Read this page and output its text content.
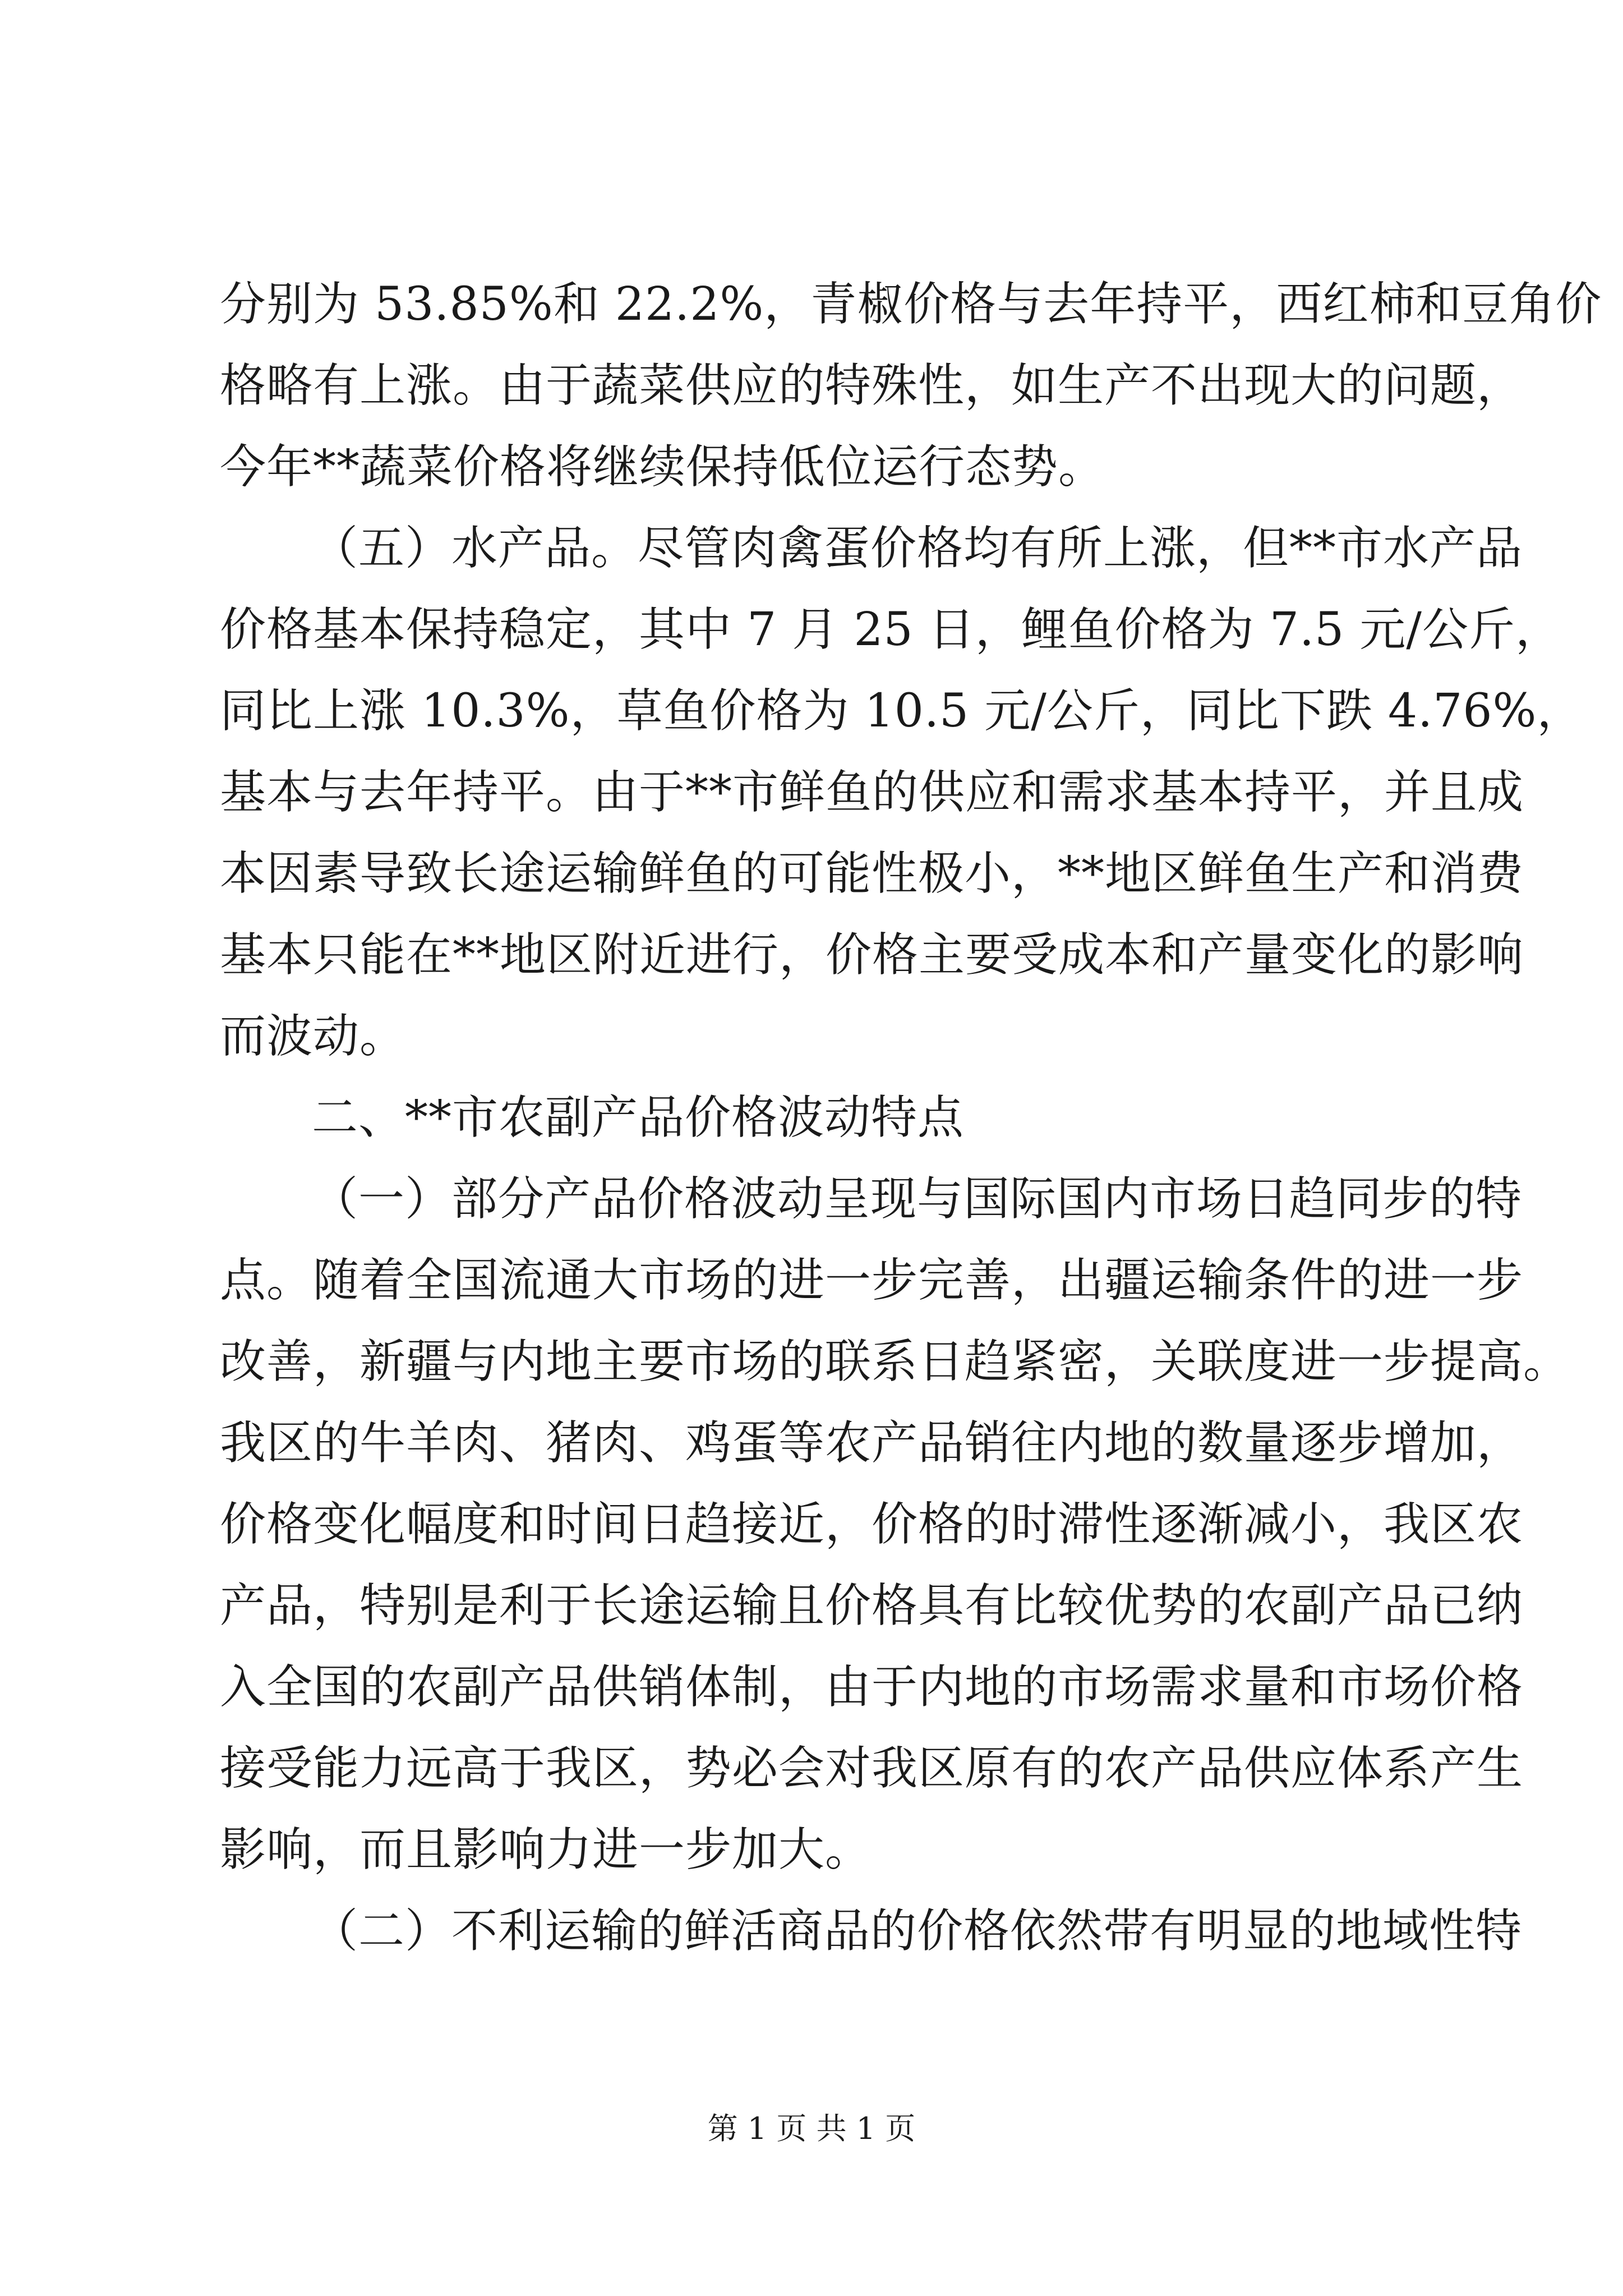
分别为 53.85%和 22.2%，青椒价格与去年持平，西红柿和豆角价
格略有上涨。由于蔬菜供应的特殊性，如生产不出现大的问题，
今年**蔬菜价格将继续保持低位运行态势。
（五）水产品。尽管肉禽蛋价格均有所上涨，但**市水产品
价格基本保持稳定，其中 7 月 25 日，鲤鱼价格为 7.5 元/公斤，
同比上涨 10.3%，草鱼价格为 10.5 元/公斤，同比下跌 4.76%，
基本与去年持平。由于**市鲜鱼的供应和需求基本持平，并且成
本因素导致长途运输鲜鱼的可能性极小，**地区鲜鱼生产和消费
基本只能在**地区附近进行，价格主要受成本和产量变化的影响
而波动。
二、**市农副产品价格波动特点
（一）部分产品价格波动呈现与国际国内市场日趋同步的特
点。随着全国流通大市场的进一步完善，出疆运输条件的进一步
改善，新疆与内地主要市场的联系日趋紧密，关联度进一步提高。
我区的牛羊肉、猪肉、鸡蛋等农产品销往内地的数量逐步增加，
价格变化幅度和时间日趋接近，价格的时滞性逐渐减小，我区农
产品，特别是利于长途运输且价格具有比较优势的农副产品已纳
入全国的农副产品供销体制，由于内地的市场需求量和市场价格
接受能力远高于我区，势必会对我区原有的农产品供应体系产生
影响，而且影响力进一步加大。
（二）不利运输的鲜活商品的价格依然带有明显的地域性特
第 1 页 共 1 页
